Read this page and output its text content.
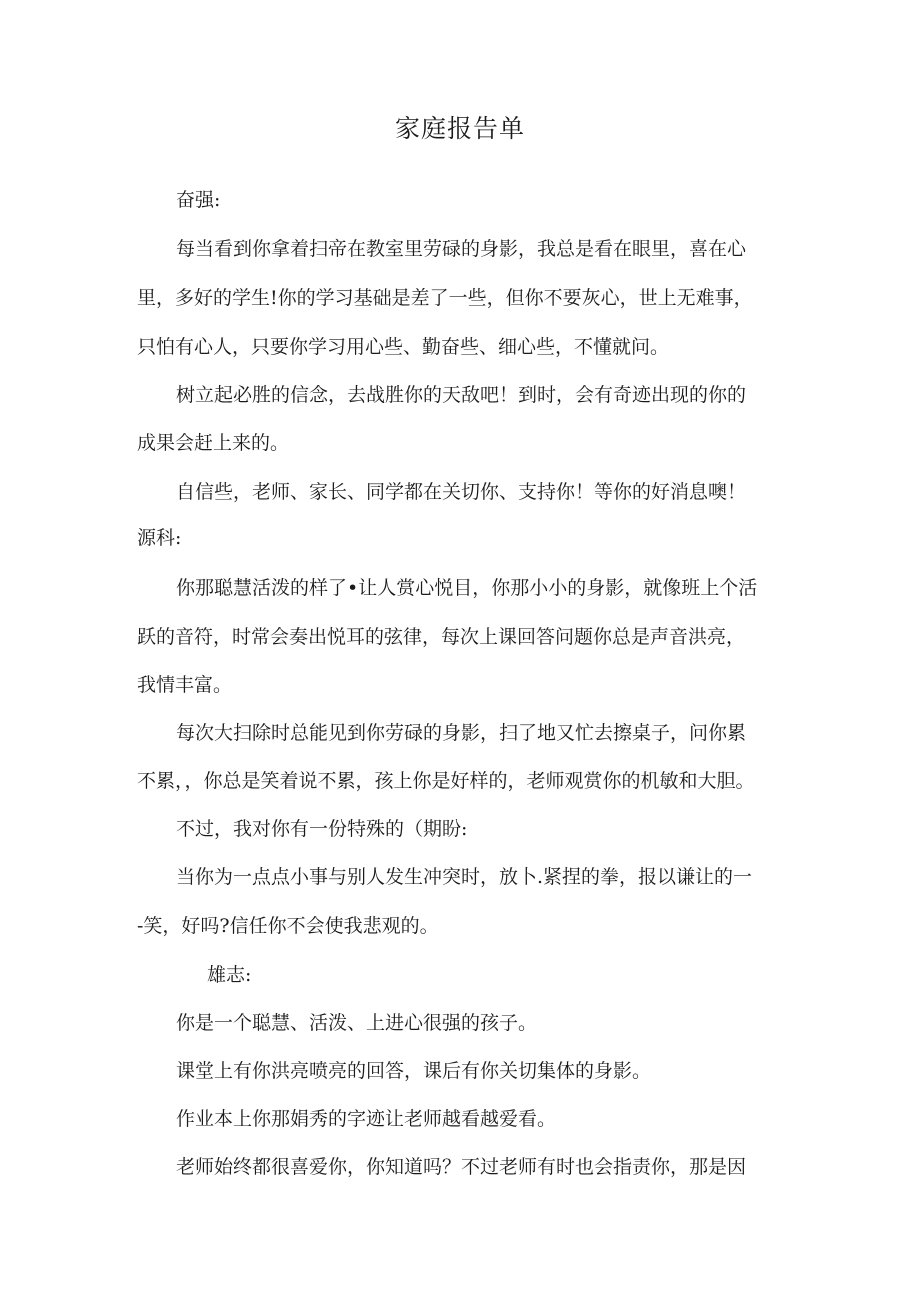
家庭报告单
奋强:
每当看到你拿着扫帝在教室里劳碌的身影，我总是看在眼里，喜在心
里，多好的学生!你的学习基础是差了一些，但你不要灰心，世上无难事，
只怕有心人，只要你学习用心些、勤奋些、细心些，不懂就问。
树立起必胜的信念，去战胜你的天敌吧！到时，会有奇迹出现的你的
成果会赶上来的。
自信些，老师、家长、同学都在关切你、支持你！等你的好消息噢！
源科:
你那聪慧活泼的样了•让人赏心悦目，你那小小的身影，就像班上个活
跃的音符，时常会奏出悦耳的弦律，每次上课回答问题你总是声音洪亮，
我情丰富。
每次大扫除时总能见到你劳碌的身影，扫了地又忙去擦桌子，问你累
不累，，你总是笑着说不累，孩上你是好样的，老师观赏你的机敏和大胆。
不过，我对你有一份特殊的（期盼:
当你为一点点小事与别人发生冲突时，放卜.紧捏的拳，报以谦让的一
-笑，好吗?信任你不会使我悲观的。
雄志:
你是一个聪慧、活泼、上进心很强的孩子。
课堂上有你洪亮喷亮的回答，课后有你关切集体的身影。
作业本上你那娟秀的字迹让老师越看越爱看。
老师始终都很喜爱你，你知道吗？不过老师有时也会指责你，那是因
